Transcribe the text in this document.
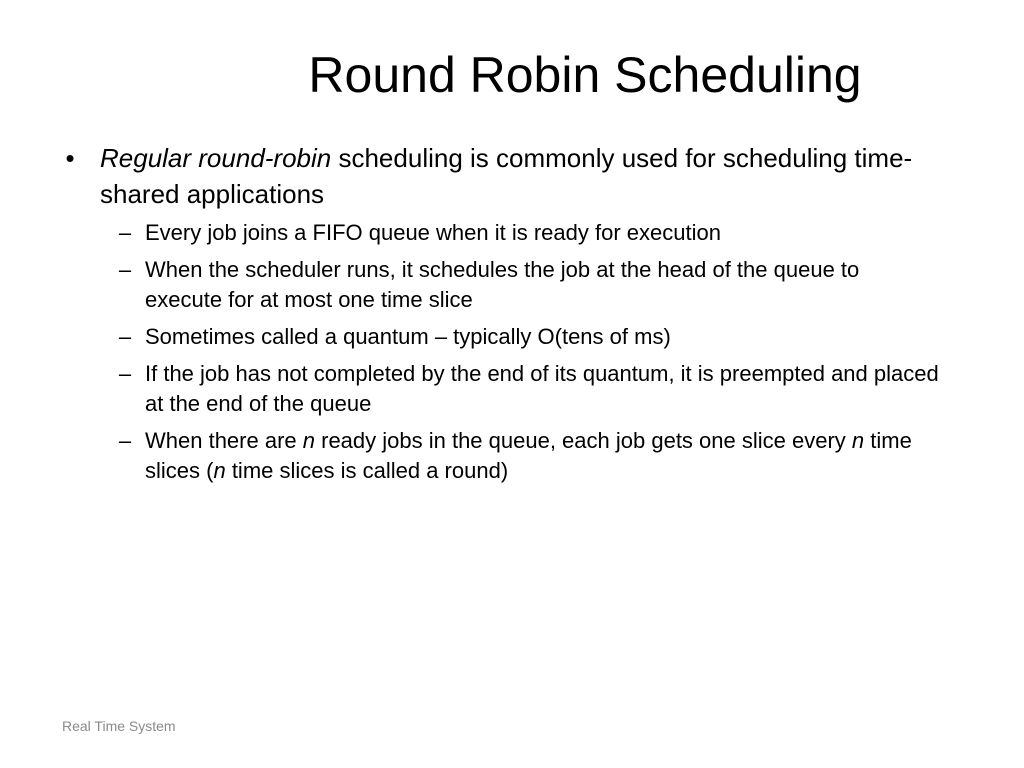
Round Robin Scheduling
• Regular round-robin scheduling is commonly used for scheduling time-shared applications
– Every job joins a FIFO queue when it is ready for execution
– When the scheduler runs, it schedules the job at the head of the queue to execute for at most one time slice
– Sometimes called a quantum – typically O(tens of ms)
– If the job has not completed by the end of its quantum, it is preempted and placed at the end of the queue
– When there are n ready jobs in the queue, each job gets one slice every n time slices (n time slices is called a round)
Real Time System
